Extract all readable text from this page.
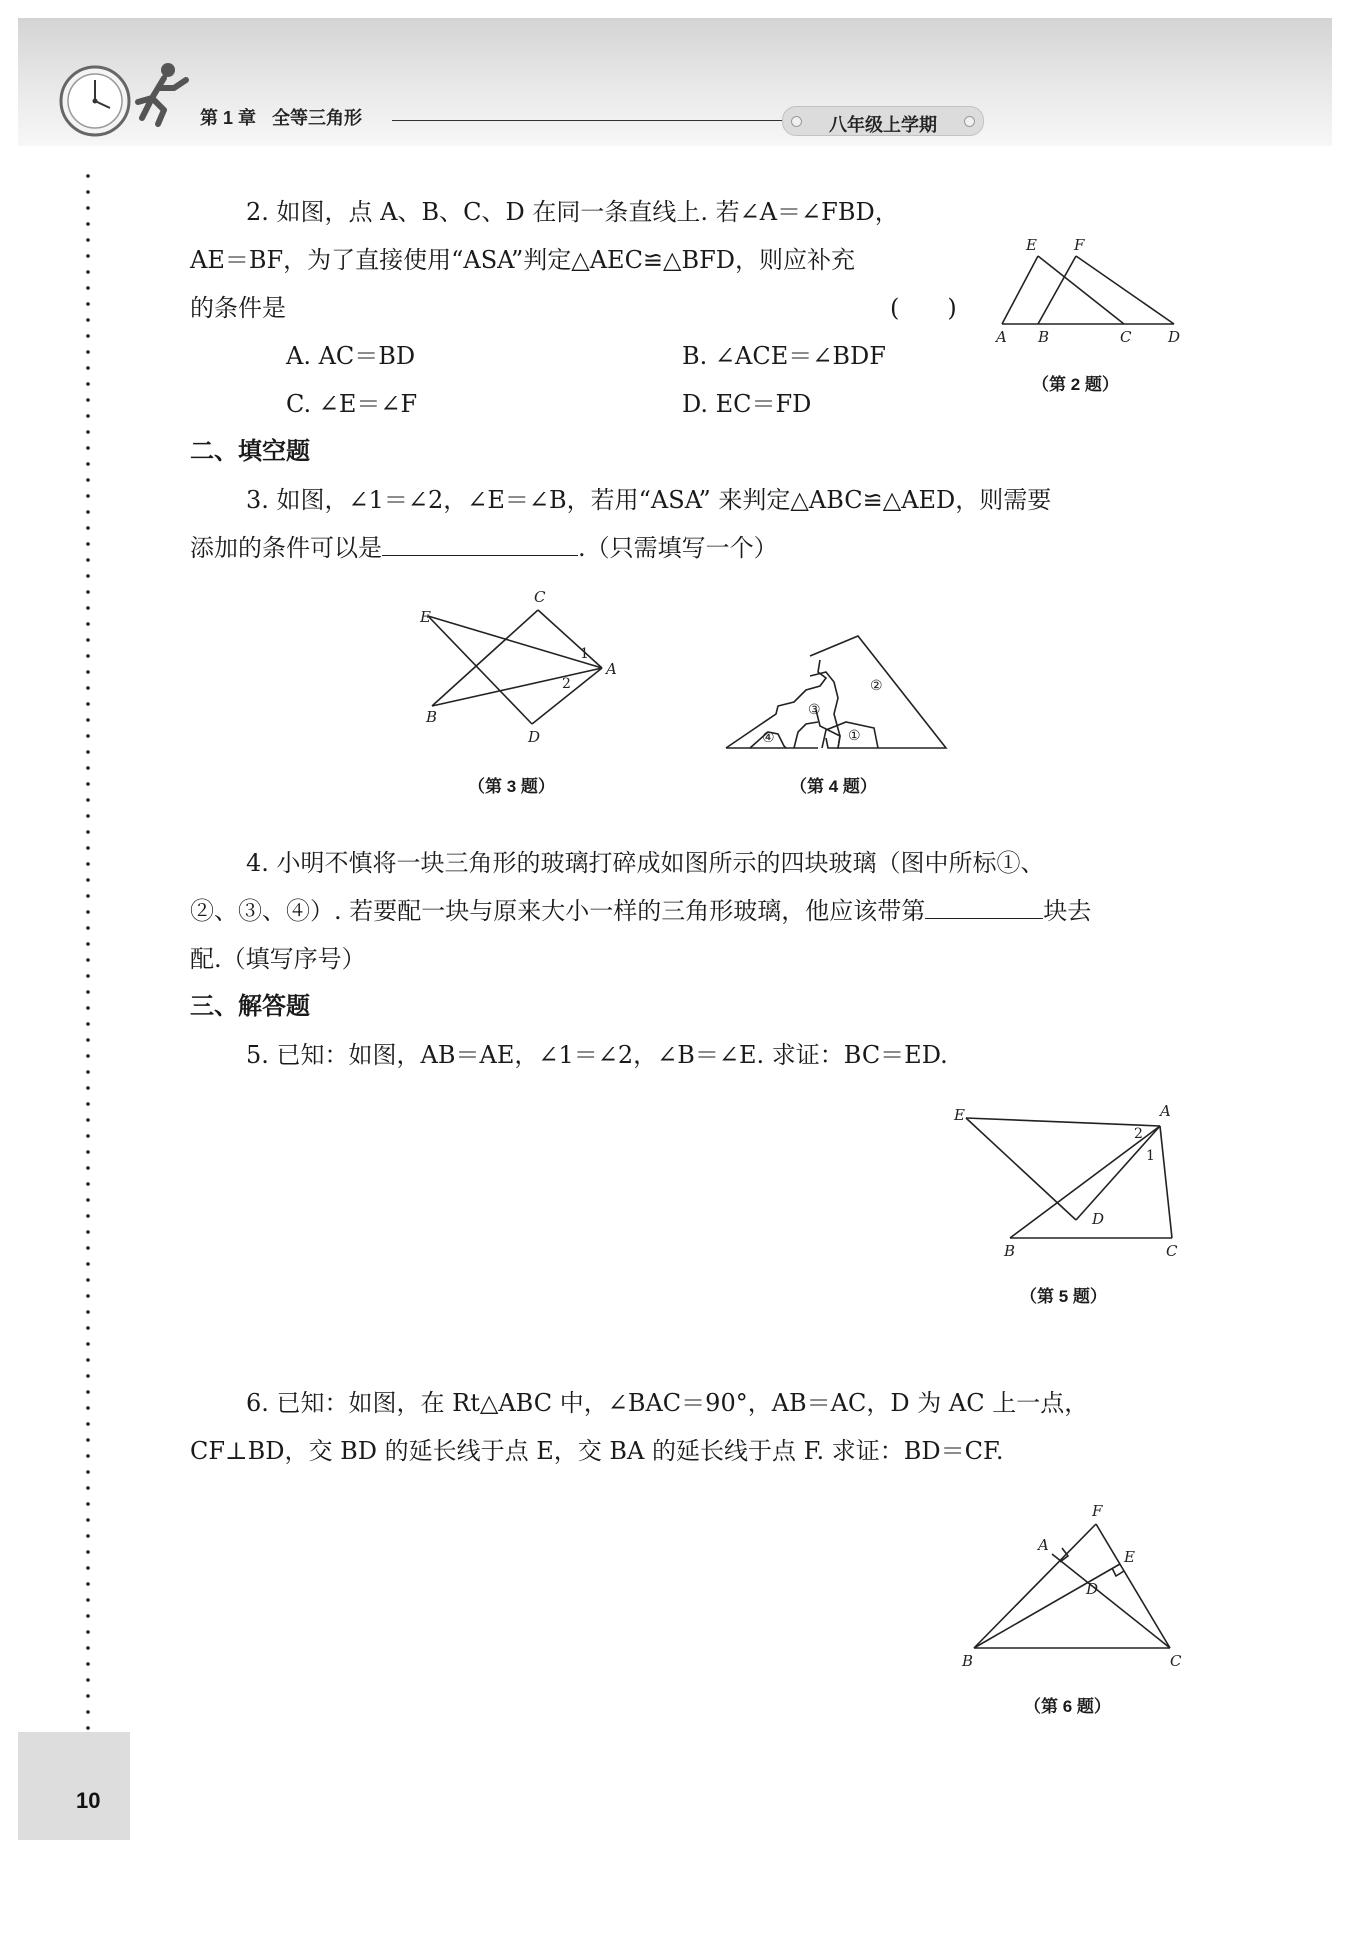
第 1 章 全等三角形	八年级上学期
10
2. 如图，点 A、B、C、D 在同一条直线上. 若∠A＝∠FBD，
AE＝BF，为了直接使用“ASA”判定△AEC≌△BFD，则应补充
的条件是	(　　)
A. AC＝BD	B. ∠ACE＝∠BDF
C. ∠E＝∠F	D. EC＝FD
E F
A B	C D
（第 2 题）
二、填空题
3. 如图，∠1＝∠2，∠E＝∠B，若用“ASA” 来判定△ABC≌△AED，则需要
添加的条件可以是	.（只需填写一个）
E
C
A
B
D
1
2
（第 3 题）
②
③
①
④
（第 4 题）
4. 小明不慎将一块三角形的玻璃打碎成如图所示的四块玻璃（图中所标①、
②、③、④）. 若要配一块与原来大小一样的三角形玻璃，他应该带第	块去
配.（填写序号）
三、解答题
5. 已知：如图，AB＝AE，∠1＝∠2，∠B＝∠E. 求证：BC＝ED.
E	A
B	C
D
2
1
（第 5 题）
6. 已知：如图，在 Rt△ABC 中，∠BAC＝90°，AB＝AC，D 为 AC 上一点，
CF⊥BD，交 BD 的延长线于点 E，交 BA 的延长线于点 F. 求证：BD＝CF.
F
A
E
D
B	C
（第 6 题）
